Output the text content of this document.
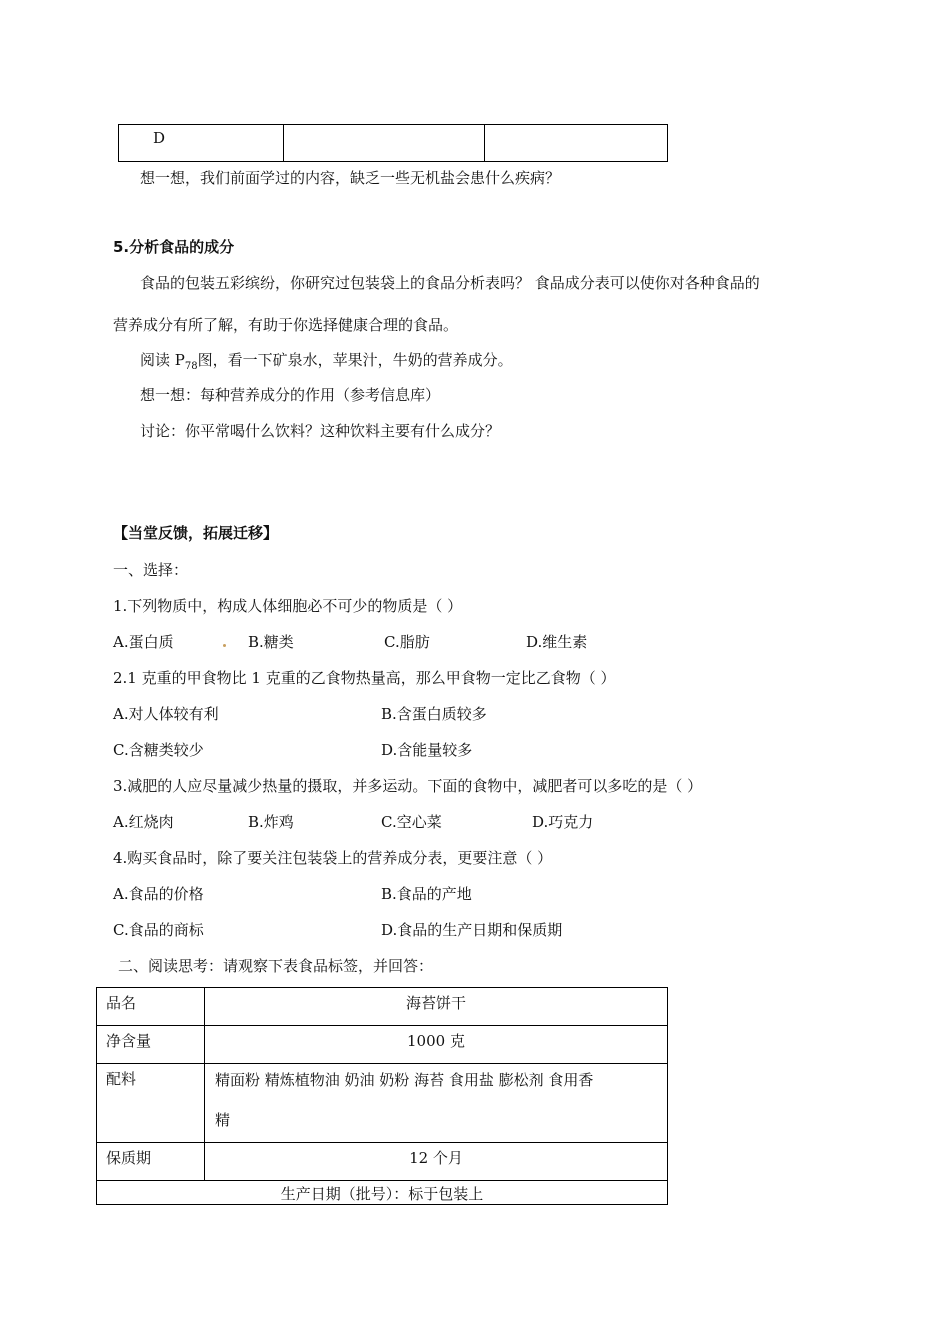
D		
想一想，我们前面学过的内容，缺乏一些无机盐会患什么疾病？
5.分析食品的成分
食品的包装五彩缤纷，你研究过包装袋上的食品分析表吗？ 食品成分表可以使你对各种食品的
营养成分有所了解，有助于你选择健康合理的食品。
阅读 $P_{78}$图，看一下矿泉水，苹果汁，牛奶的营养成分。
想一想：每种营养成分的作用（参考信息库）
讨论：你平常喝什么饮料？这种饮料主要有什么成分？
【当堂反馈，拓展迁移】
一、选择：
1.下列物质中，构成人体细胞必不可少的物质是（ ）
A.蛋白质	B.糖类	C.脂肪	D.维生素
2.1 克重的甲食物比 1 克重的乙食物热量高，那么甲食物一定比乙食物（ ）
A.对人体较有利	B.含蛋白质较多
C.含糖类较少	D.含能量较多
3.减肥的人应尽量减少热量的摄取，并多运动。下面的食物中，减肥者可以多吃的是（ ）
A.红烧肉	B.炸鸡	C.空心菜	D.巧克力
4.购买食品时，除了要关注包装袋上的营养成分表，更要注意（ ）
A.食品的价格	B.食品的产地
C.食品的商标	D.食品的生产日期和保质期
二、阅读思考：请观察下表食品标签，并回答：
品名	海苔饼干
净含量	1000 克
配料	精面粉 精炼植物油 奶油 奶粉 海苔 食用盐 膨松剂 食用香
精

保质期	12 个月
生产日期（批号）：标于包装上	
